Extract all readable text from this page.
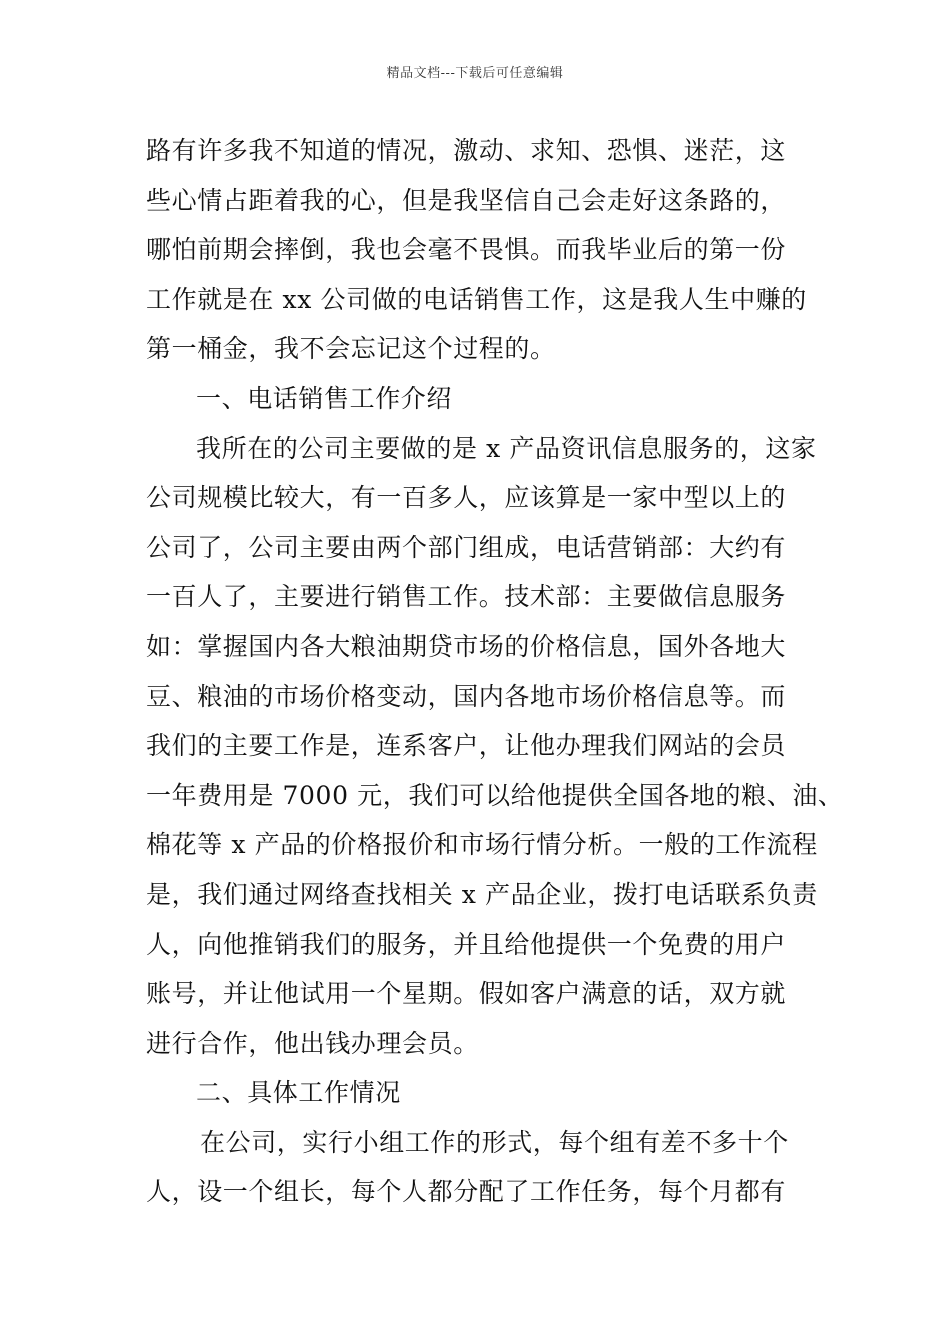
精品文档---下载后可任意编辑
路有许多我不知道的情况，激动、求知、恐惧、迷茫，这
些心情占距着我的心，但是我坚信自己会走好这条路的，
哪怕前期会摔倒，我也会毫不畏惧。而我毕业后的第一份
工作就是在 xx 公司做的电话销售工作，这是我人生中赚的
第一桶金，我不会忘记这个过程的。
一、电话销售工作介绍
我所在的公司主要做的是 x 产品资讯信息服务的，这家
公司规模比较大，有一百多人，应该算是一家中型以上的
公司了，公司主要由两个部门组成，电话营销部：大约有
一百人了，主要进行销售工作。技术部：主要做信息服务
如：掌握国内各大粮油期贷市场的价格信息，国外各地大
豆、粮油的市场价格变动，国内各地市场价格信息等。而
我们的主要工作是，连系客户，让他办理我们网站的会员
一年费用是 7000 元，我们可以给他提供全国各地的粮、油、
棉花等 x 产品的价格报价和市场行情分析。一般的工作流程
是，我们通过网络查找相关 x 产品企业，拨打电话联系负责
人，向他推销我们的服务，并且给他提供一个免费的用户
账号，并让他试用一个星期。假如客户满意的话，双方就
进行合作，他出钱办理会员。
二、具体工作情况
在公司，实行小组工作的形式，每个组有差不多十个
人，设一个组长，每个人都分配了工作任务，每个月都有
